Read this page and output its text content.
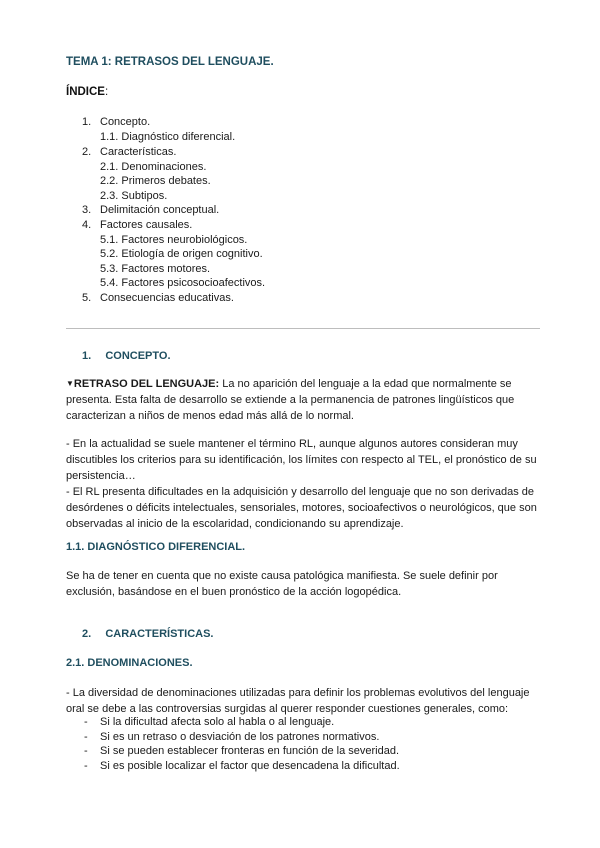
TEMA 1: RETRASOS DEL LENGUAJE.
ÍNDICE:
1. Concepto.
1.1. Diagnóstico diferencial.
2. Características.
2.1. Denominaciones.
2.2. Primeros debates.
2.3. Subtipos.
3. Delimitación conceptual.
4. Factores causales.
5.1. Factores neurobiológicos.
5.2. Etiología de origen cognitivo.
5.3. Factores motores.
5.4. Factores psicosocioafectivos.
5. Consecuencias educativas.
1. CONCEPTO.
▼RETRASO DEL LENGUAJE: La no aparición del lenguaje a la edad que normalmente se
presenta. Esta falta de desarrollo se extiende a la permanencia de patrones lingüísticos que
caracterizan a niños de menos edad más allá de lo normal.
- En la actualidad se suele mantener el término RL, aunque algunos autores consideran muy
discutibles los criterios para su identificación, los límites con respecto al TEL, el pronóstico de su
persistencia…
- El RL presenta dificultades en la adquisición y desarrollo del lenguaje que no son derivadas de
desórdenes o déficits intelectuales, sensoriales, motores, socioafectivos o neurológicos, que son
observadas al inicio de la escolaridad, condicionando su aprendizaje.
1.1. DIAGNÓSTICO DIFERENCIAL.
Se ha de tener en cuenta que no existe causa patológica manifiesta. Se suele definir por
exclusión, basándose en el buen pronóstico de la acción logopédica.
2. CARACTERÍSTICAS.
2.1. DENOMINACIONES.
- La diversidad de denominaciones utilizadas para definir los problemas evolutivos del lenguaje
oral se debe a las controversias surgidas al querer responder cuestiones generales, como:
- Si la dificultad afecta solo al habla o al lenguaje.
- Si es un retraso o desviación de los patrones normativos.
- Si se pueden establecer fronteras en función de la severidad.
- Si es posible localizar el factor que desencadena la dificultad.
